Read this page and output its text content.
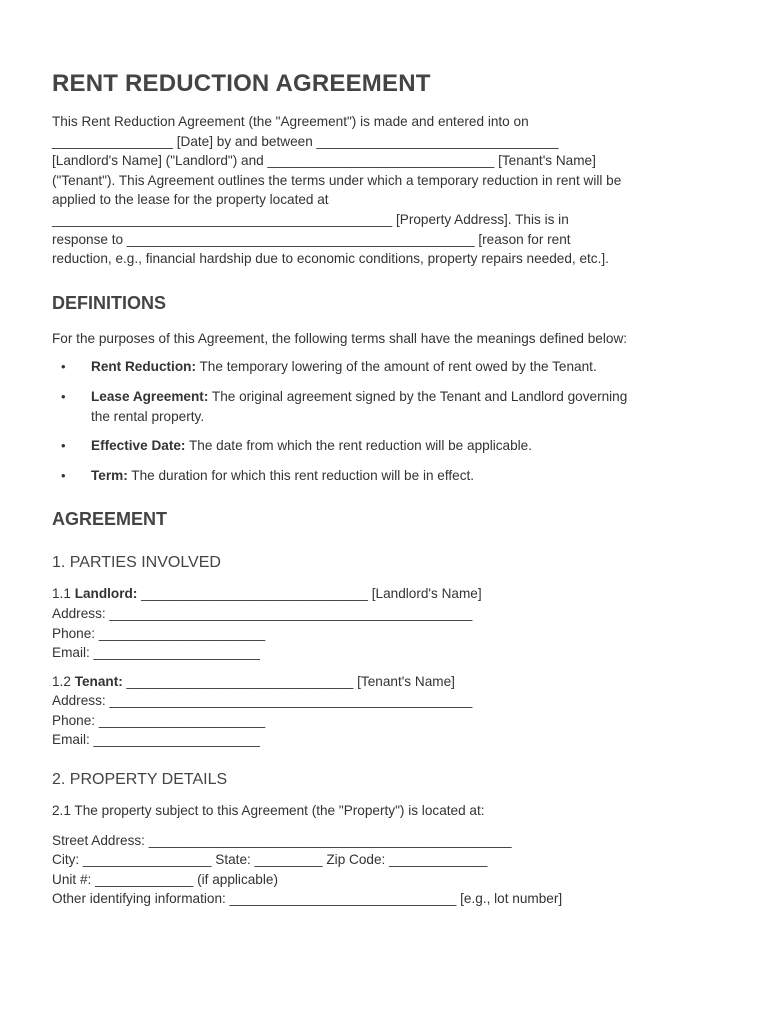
RENT REDUCTION AGREEMENT

This Rent Reduction Agreement (the "Agreement") is made and entered into on

________________ [Date] by and between ________________________________

[Landlord's Name] ("Landlord") and ______________________________ [Tenant's Name]

("Tenant"). This Agreement outlines the terms under which a temporary reduction in rent will be

applied to the lease for the property located at

_____________________________________________ [Property Address]. This is in

response to ______________________________________________ [reason for rent

reduction, e.g., financial hardship due to economic conditions, property repairs needed, etc.].

DEFINITIONS

For the purposes of this Agreement, the following terms shall have the meanings defined below:

• Rent Reduction: The temporary lowering of the amount of rent owed by the Tenant.
• Lease Agreement: The original agreement signed by the Tenant and Landlord governing
the rental property.
• Effective Date: The date from which the rent reduction will be applicable.
• Term: The duration for which this rent reduction will be in effect.
AGREEMENT
1. PARTIES INVOLVED

1.1 Landlord: ______________________________ [Landlord's Name]

Address: ________________________________________________

Phone: ______________________

Email: ______________________

1.2 Tenant: ______________________________ [Tenant's Name]

Address: ________________________________________________

Phone: ______________________

Email: ______________________

2. PROPERTY DETAILS

2.1 The property subject to this Agreement (the "Property") is located at:

Street Address: ________________________________________________

City: _________________ State: _________ Zip Code: _____________

Unit #: _____________ (if applicable)

Other identifying information: ______________________________ [e.g., lot number]
